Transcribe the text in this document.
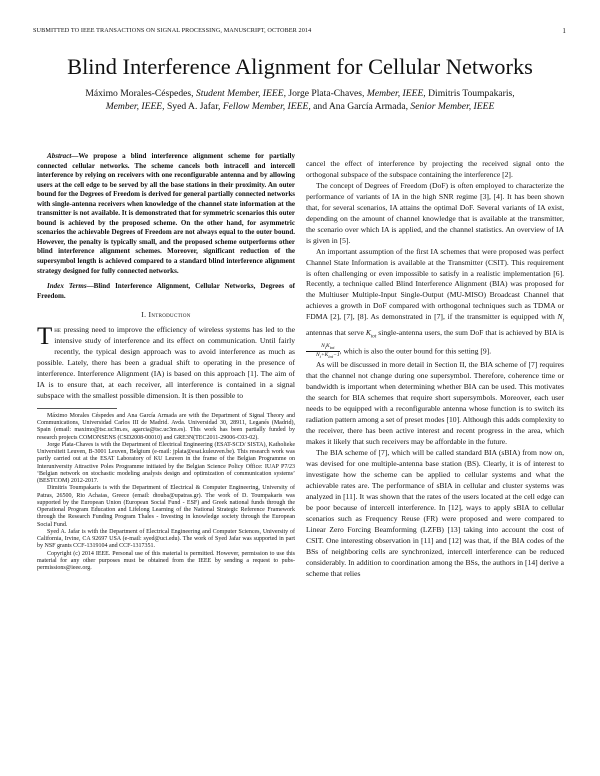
SUBMITTED TO IEEE TRANSACTIONS ON SIGNAL PROCESSING, MANUSCRIPT, OCTOBER 2014	1
Blind Interference Alignment for Cellular Networks
Máximo Morales-Céspedes, Student Member, IEEE, Jorge Plata-Chaves, Member, IEEE, Dimitris Toumpakaris, Member, IEEE, Syed A. Jafar, Fellow Member, IEEE, and Ana García Armada, Senior Member, IEEE

Abstract—We propose a blind interference alignment scheme for partially connected cellular networks. The scheme cancels both intracell and intercell interference by relying on receivers with one reconfigurable antenna and by allowing users at the cell edge to be served by all the base stations in their proximity. An outer bound for the Degrees of Freedom is derived for general partially connected networks with single-antenna receivers when knowledge of the channel state information at the transmitter is not available. It is demonstrated that for symmetric scenarios this outer bound is achieved by the proposed scheme. On the other hand, for asymmetric scenarios the achievable Degrees of Freedom are not always equal to the outer bound. However, the penalty is typically small, and the proposed scheme outperforms other blind interference alignment schemes. Moreover, significant reduction of the supersymbol length is achieved compared to a standard blind interference alignment strategy designed for fully connected networks.

Index Terms—Blind Interference Alignment, Cellular Networks, Degrees of Freedom.

I. Introduction

The pressing need to improve the efficiency of wireless systems has led to the intensive study of interference and its effect on communication. Until fairly recently, the typical design approach was to avoid interference as much as possible. Lately, there has been a gradual shift to operating in the presence of interference. Interference Alignment (IA) is based on this approach [1]. The aim of IA is to ensure that, at each receiver, all interference is contained in a signal subspace with the smallest possible dimension. It is then possible to

Máximo Morales Céspedes and Ana García Armada are with the Department of Signal Theory and Communications, Universidad Carlos III de Madrid. Avda. Universidad 30, 28911, Leganés (Madrid), Spain (email: maximo@tsc.uc3m.es, agarcia@tsc.uc3m.es). This work has been partially funded by research projects COMONSENS (CSD2008-00010) and GRE3N(TEC2011-29006-C03-02).

Jorge Plata-Chaves is with the Department of Electrical Engineering (ESAT-SCD/ SISTA), Katholieke Universiteit Leuven, B-3001 Leuven, Belgium (e-mail: jplata@esat.kuleuven.be). This research work was partly carried out at the ESAT Laboratory of KU Leuven in the frame of the Belgian Programme on Interuniversity Attractive Poles Programme initiated by the Belgian Science Policy Office: IUAP P7/23 ‘Belgian network on stochastic modeling analysis design and optimization of communication systems’ (BESTCOM) 2012-2017.

Dimitris Toumpakaris is with the Department of Electrical & Computer Engineering, University of Patras, 26500, Rio Achaias, Greece (email: dtouba@upatras.gr). The work of D. Toumpakaris was supported by the European Union (European Social Fund - ESF) and Greek national funds through the Operational Program Education and Lifelong Learning of the National Strategic Reference Framework through the Research Funding Program Thales - Investing in knowledge society through the European Social Fund.

Syed A. Jafar is with the Department of Electrical Engineering and Computer Sciences, University of California, Irvine, CA 92697 USA (e-mail: syed@uci.edu). The work of Syed Jafar was supported in part by NSF grants CCF-1319104 and CCF-1317351.

Copyright (c) 2014 IEEE. Personal use of this material is permitted. However, permission to use this material for any other purposes must be obtained from the IEEE by sending a request to pubs-permissions@ieee.org.

cancel the effect of interference by projecting the received signal onto the orthogonal subspace of the subspace containing the interference [2].

The concept of Degrees of Freedom (DoF) is often employed to characterize the performance of variants of IA in the high SNR regime [3], [4]. It has been shown that, for several scenarios, IA attains the optimal DoF. Several variants of IA exist, depending on the amount of channel knowledge that is available at the transmitter, the scenario over which IA is applied, and the channel statistics. An overview of IA is given in [5].

An important assumption of the first IA schemes that were proposed was perfect Channel State Information is available at the Transmitter (CSIT). This requirement is often challenging or even impossible to satisfy in a realistic implementation [6]. Recently, a technique called Blind Interference Alignment (BIA) was proposed for the Multiuser Multiple-Input Single-Output (MU-MISO) Broadcast Channel that achieves a growth in DoF compared with orthogonal techniques such as TDMA or FDMA [2], [7], [8]. As demonstrated in [7], if the transmitter is equipped with $N_t$ antennas that serve $K_{tot}$ single-antenna users, the sum DoF that is achieved by BIA is
$N_tK_{tot}$
$N_t+K_{tot}-1$ , which is also the outer bound for this setting [9].

As will be discussed in more detail in Section II, the BIA scheme of [7] requires that the channel not change during one supersymbol. Therefore, coherence time or bandwidth is important when determining whether BIA can be used. This motivates the search for BIA schemes that require short supersymbols. Moreover, each user needs to be equipped with a reconfigurable antenna whose function is to switch its radiation pattern among a set of preset modes [10]. Although this adds complexity to the receiver, there has been active interest and recent progress in the area, which makes it likely that such receivers may be affordable in the future.

The BIA scheme of [7], which will be called standard BIA (sBIA) from now on, was devised for one multiple-antenna base station (BS). Clearly, it is of interest to investigate how the scheme can be applied to cellular systems and what the achievable rates are. The performance of sBIA in cellular and cluster systems was analyzed in [11]. It was shown that the rates of the users located at the cell edge can be poor because of intercell interference. In [12], ways to apply sBIA to cellular scenarios such as Frequency Reuse (FR) were proposed and were compared to Linear Zero Forcing Beamforming (LZFB) [13] taking into account the cost of CSIT. One interesting observation in [11] and [12] was that, if the BIA codes of the BSs of neighboring cells are synchronized, intercell interference can be reduced considerably. In addition to coordination among the BSs, the authors in [14] derive a scheme that relies
